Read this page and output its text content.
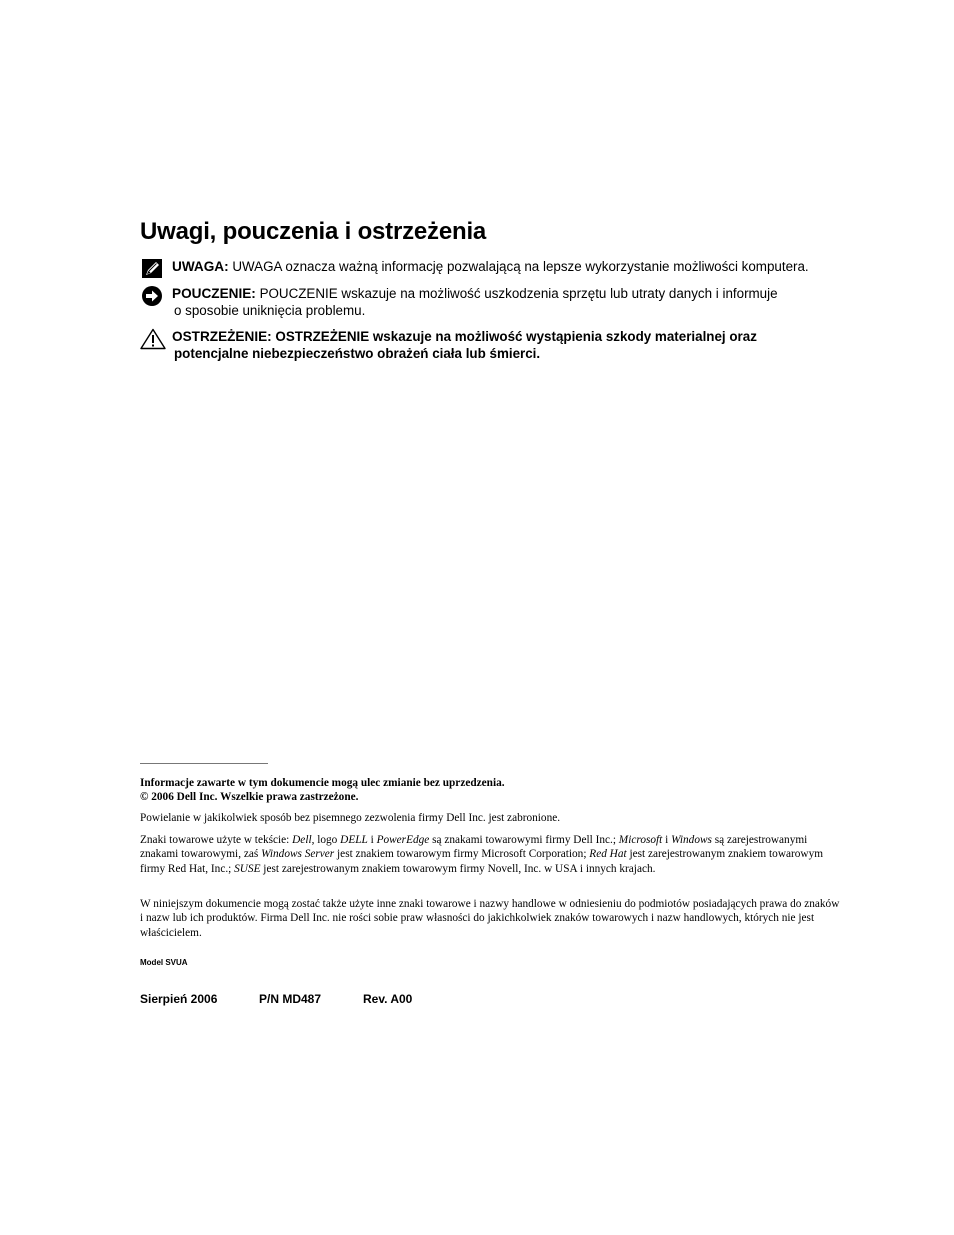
Uwagi, pouczenia i ostrzeżenia
UWAGA: UWAGA oznacza ważną informację pozwalającą na lepsze wykorzystanie możliwości komputera.
POUCZENIE: POUCZENIE wskazuje na możliwość uszkodzenia sprzętu lub utraty danych i informuje
o sposobie uniknięcia problemu.
OSTRZEŻENIE: OSTRZEŻENIE wskazuje na możliwość wystąpienia szkody materialnej oraz
potencjalne niebezpieczeństwo obrażeń ciała lub śmierci.

Informacje zawarte w tym dokumencie mogą ulec zmianie bez uprzedzenia.
© 2006 Dell Inc. Wszelkie prawa zastrzeżone.

Powielanie w jakikolwiek sposób bez pisemnego zezwolenia firmy Dell Inc. jest zabronione.

Znaki towarowe użyte w tekście: Dell, logo DELL i PowerEdge są znakami towarowymi firmy Dell Inc.; Microsoft i Windows są zarejestrowanymi znakami towarowymi, zaś Windows Server jest znakiem towarowym firmy Microsoft Corporation; Red Hat jest zarejestrowanym znakiem towarowym firmy Red Hat, Inc.; SUSE jest zarejestrowanym znakiem towarowym firmy Novell, Inc. w USA i innych krajach.

W niniejszym dokumencie mogą zostać także użyte inne znaki towarowe i nazwy handlowe w odniesieniu do podmiotów posiadających prawa do znaków i nazw lub ich produktów. Firma Dell Inc. nie rości sobie praw własności do jakichkolwiek znaków towarowych i nazw handlowych, których nie jest właścicielem.

Model SVUA
Sierpień 2006	P/N MD487	Rev. A00
